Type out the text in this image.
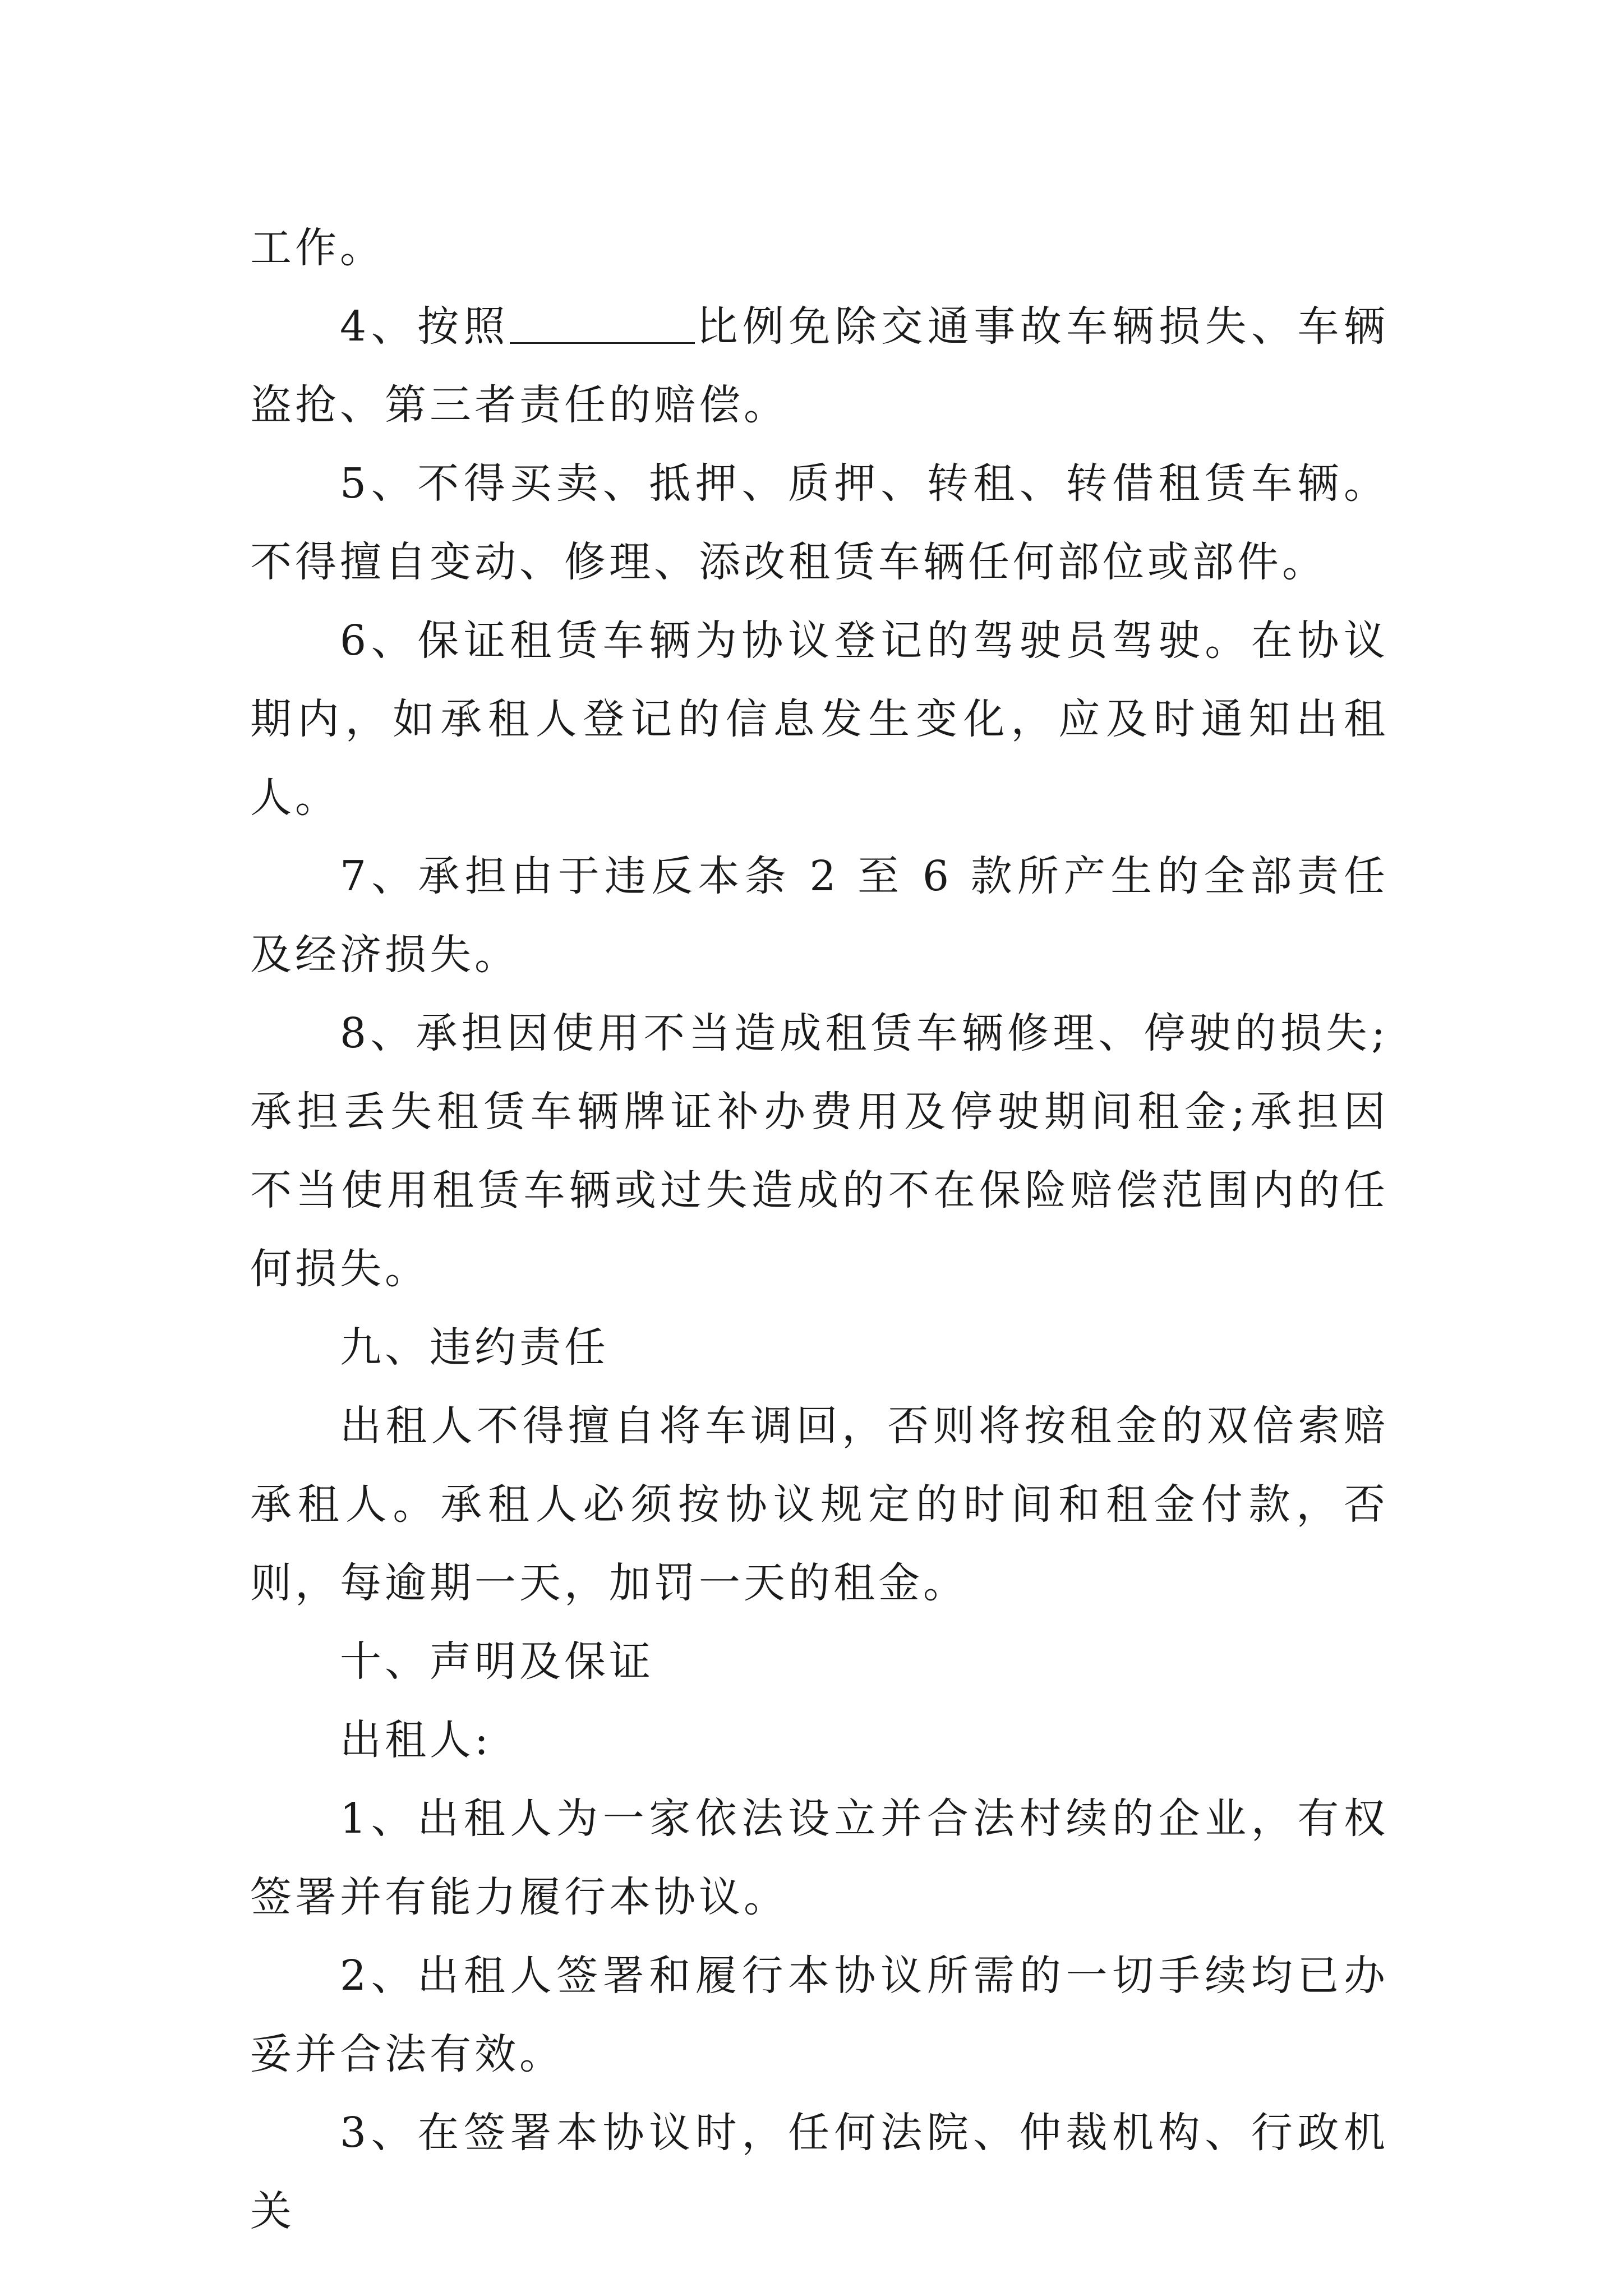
工作。

4、按照	比例免除交通事故车辆损失、车辆盗抢、第三者责任的赔偿。

5、不得买卖、抵押、质押、转租、转借租赁车辆。不得擅自变动、修理、添改租赁车辆任何部位或部件。

6、保证租赁车辆为协议登记的驾驶员驾驶。在协议期内，如承租人登记的信息发生变化，应及时通知出租人。

7、承担由于违反本条 2 至 6 款所产生的全部责任及经济损失。

8、承担因使用不当造成租赁车辆修理、停驶的损失;承担丢失租赁车辆牌证补办费用及停驶期间租金;承担因不当使用租赁车辆或过失造成的不在保险赔偿范围内的任何损失。

九、违约责任

出租人不得擅自将车调回，否则将按租金的双倍索赔承租人。承租人必须按协议规定的时间和租金付款，否则，每逾期一天，加罚一天的租金。

十、声明及保证

出租人:

1、出租人为一家依法设立并合法村续的企业，有权签署并有能力履行本协议。

2、出租人签署和履行本协议所需的一切手续均已办妥并合法有效。

3、在签署本协议时，任何法院、仲裁机构、行政机关
